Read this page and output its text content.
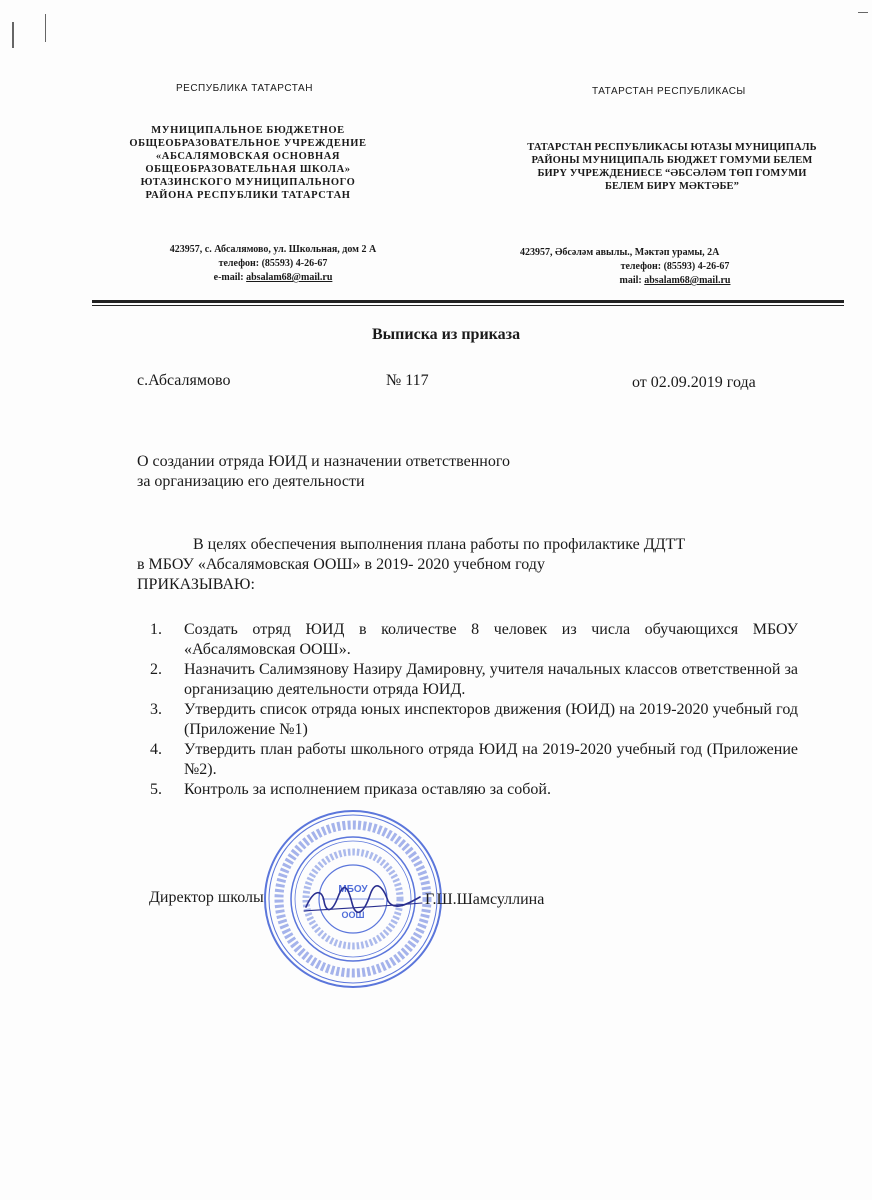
РЕСПУБЛИКА ТАТАРСТАН
МУНИЦИПАЛЬНОЕ БЮДЖЕТНОЕ
ОБЩЕОБРАЗОВАТЕЛЬНОЕ УЧРЕЖДЕНИЕ
«АБСАЛЯМОВСКАЯ ОСНОВНАЯ
ОБЩЕОБРАЗОВАТЕЛЬНАЯ ШКОЛА»
ЮТАЗИНСКОГО МУНИЦИПАЛЬНОГО
РАЙОНА РЕСПУБЛИКИ ТАТАРСТАН
423957, с. Абсалямово, ул. Школьная, дом 2 А
телефон: (85593) 4-26-67
e-mail: absalam68@mail.ru
ТАТАРСТАН РЕСПУБЛИКАСЫ
ТАТАРСТАН РЕСПУБЛИКАСЫ ЮТАЗЫ МУНИЦИПАЛЬ
РАЙОНЫ МУНИЦИПАЛЬ БЮДЖЕТ ГОМУМИ БЕЛЕМ
БИРҮ УЧРЕЖДЕНИЕСЕ “ӘБСӘЛӘМ ТӨП ГОМУМИ
БЕЛЕМ БИРҮ МӘКТӘБЕ”
423957, Әбсәләм авылы., Мәктәп урамы, 2А
телефон: (85593) 4-26-67
mail: absalam68@mail.ru
Выписка из приказа
с.Абсалямово	№ 117	от 02.09.2019 года
О создании отряда ЮИД и назначении ответственного
за организацию его деятельности
В целях обеспечения выполнения плана работы по профилактике ДДТТ
в МБОУ «Абсалямовская ООШ» в 2019- 2020 учебном году
ПРИКАЗЫВАЮ:
1.	Создать отряд ЮИД в количестве 8 человек из числа обучающихся МБОУ «Абсалямовская ООШ».
2.	Назначить Салимзянову Назиру Дамировну, учителя начальных классов ответственной за организацию деятельности отряда ЮИД.
3.	Утвердить список отряда юных инспекторов движения (ЮИД) на 2019-2020 учебный год (Приложение №1)
4.	Утвердить план работы школьного отряда ЮИД на 2019-2020 учебный год (Приложение №2).
5.	Контроль за исполнением приказа оставляю за собой.
МБОУ
ООШ
Директор школы	Г.Ш.Шамсуллина
